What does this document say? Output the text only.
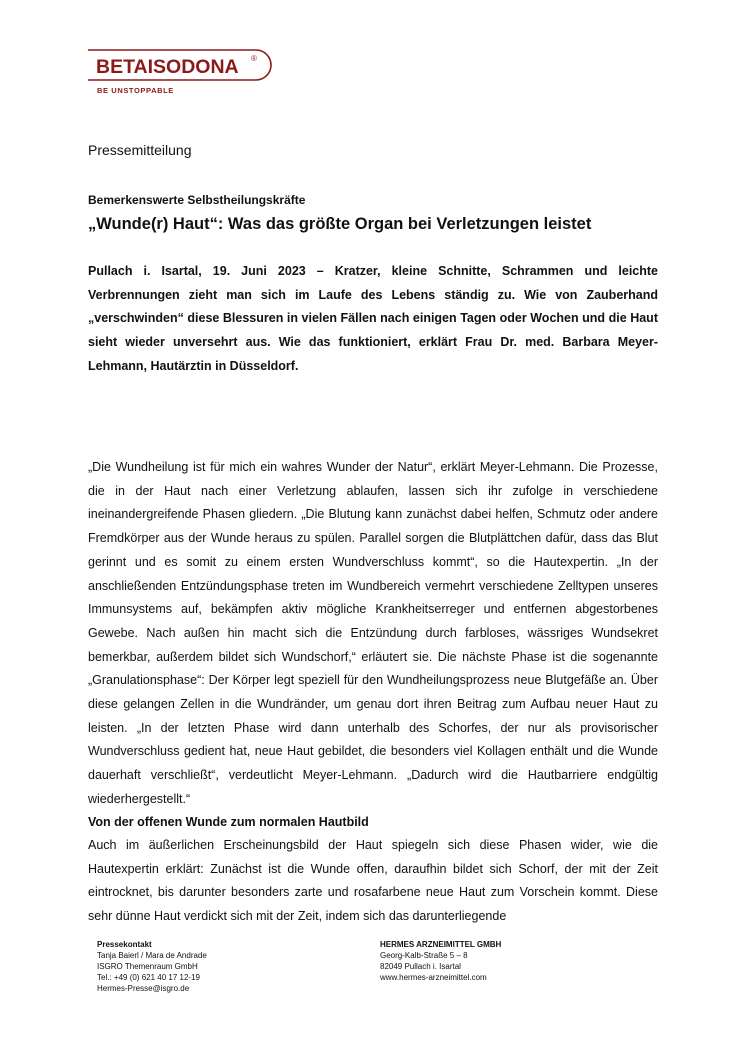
BETAISODONA ®
BE UNSTOPPABLE
Pressemitteilung
Bemerkenswerte Selbstheilungskräfte
„Wunde(r) Haut“: Was das größte Organ bei Verletzungen leistet
Pullach i. Isartal, 19. Juni 2023 – Kratzer, kleine Schnitte, Schrammen und leichte Verbrennungen zieht man sich im Laufe des Lebens ständig zu. Wie von Zauberhand „verschwinden“ diese Blessuren in vielen Fällen nach einigen Tagen oder Wochen und die Haut sieht wieder unversehrt aus. Wie das funktioniert, erklärt Frau Dr. med. Barbara Meyer-Lehmann, Hautärztin in Düsseldorf.
„Die Wundheilung ist für mich ein wahres Wunder der Natur“, erklärt Meyer-Lehmann. Die Prozesse, die in der Haut nach einer Verletzung ablaufen, lassen sich ihr zufolge in verschiedene ineinandergreifende Phasen gliedern. „Die Blutung kann zunächst dabei helfen, Schmutz oder andere Fremdkörper aus der Wunde heraus zu spülen. Parallel sorgen die Blutplättchen dafür, dass das Blut gerinnt und es somit zu einem ersten Wundverschluss kommt“, so die Hautexpertin. „In der anschließenden Entzündungsphase treten im Wundbereich vermehrt verschiedene Zelltypen unseres Immunsystems auf, bekämpfen aktiv mögliche Krankheitserreger und entfernen abgestorbenes Gewebe. Nach außen hin macht sich die Entzündung durch farbloses, wässriges Wundsekret bemerkbar, außerdem bildet sich Wundschorf,“ erläutert sie. Die nächste Phase ist die sogenannte „Granulationsphase“: Der Körper legt speziell für den Wundheilungsprozess neue Blutgefäße an. Über diese gelangen Zellen in die Wundränder, um genau dort ihren Beitrag zum Aufbau neuer Haut zu leisten. „In der letzten Phase wird dann unterhalb des Schorfes, der nur als provisorischer Wundverschluss gedient hat, neue Haut gebildet, die besonders viel Kollagen enthält und die Wunde dauerhaft verschließt“, verdeutlicht Meyer-Lehmann. „Dadurch wird die Hautbarriere endgültig wiederhergestellt.“
Von der offenen Wunde zum normalen Hautbild
Auch im äußerlichen Erscheinungsbild der Haut spiegeln sich diese Phasen wider, wie die Hautexpertin erklärt: Zunächst ist die Wunde offen, daraufhin bildet sich Schorf, der mit der Zeit eintrocknet, bis darunter besonders zarte und rosafarbene neue Haut zum Vorschein kommt. Diese sehr dünne Haut verdickt sich mit der Zeit, indem sich das darunterliegende
Pressekontakt
Tanja Baierl / Mara de Andrade
ISGRO Themenraum GmbH
Tel.: +49 (0) 621 40 17 12-19
Hermes-Presse@isgro.de
HERMES ARZNEIMITTEL GMBH
Georg-Kalb-Straße 5 – 8
82049 Pullach i. Isartal
www.hermes-arzneimittel.com
